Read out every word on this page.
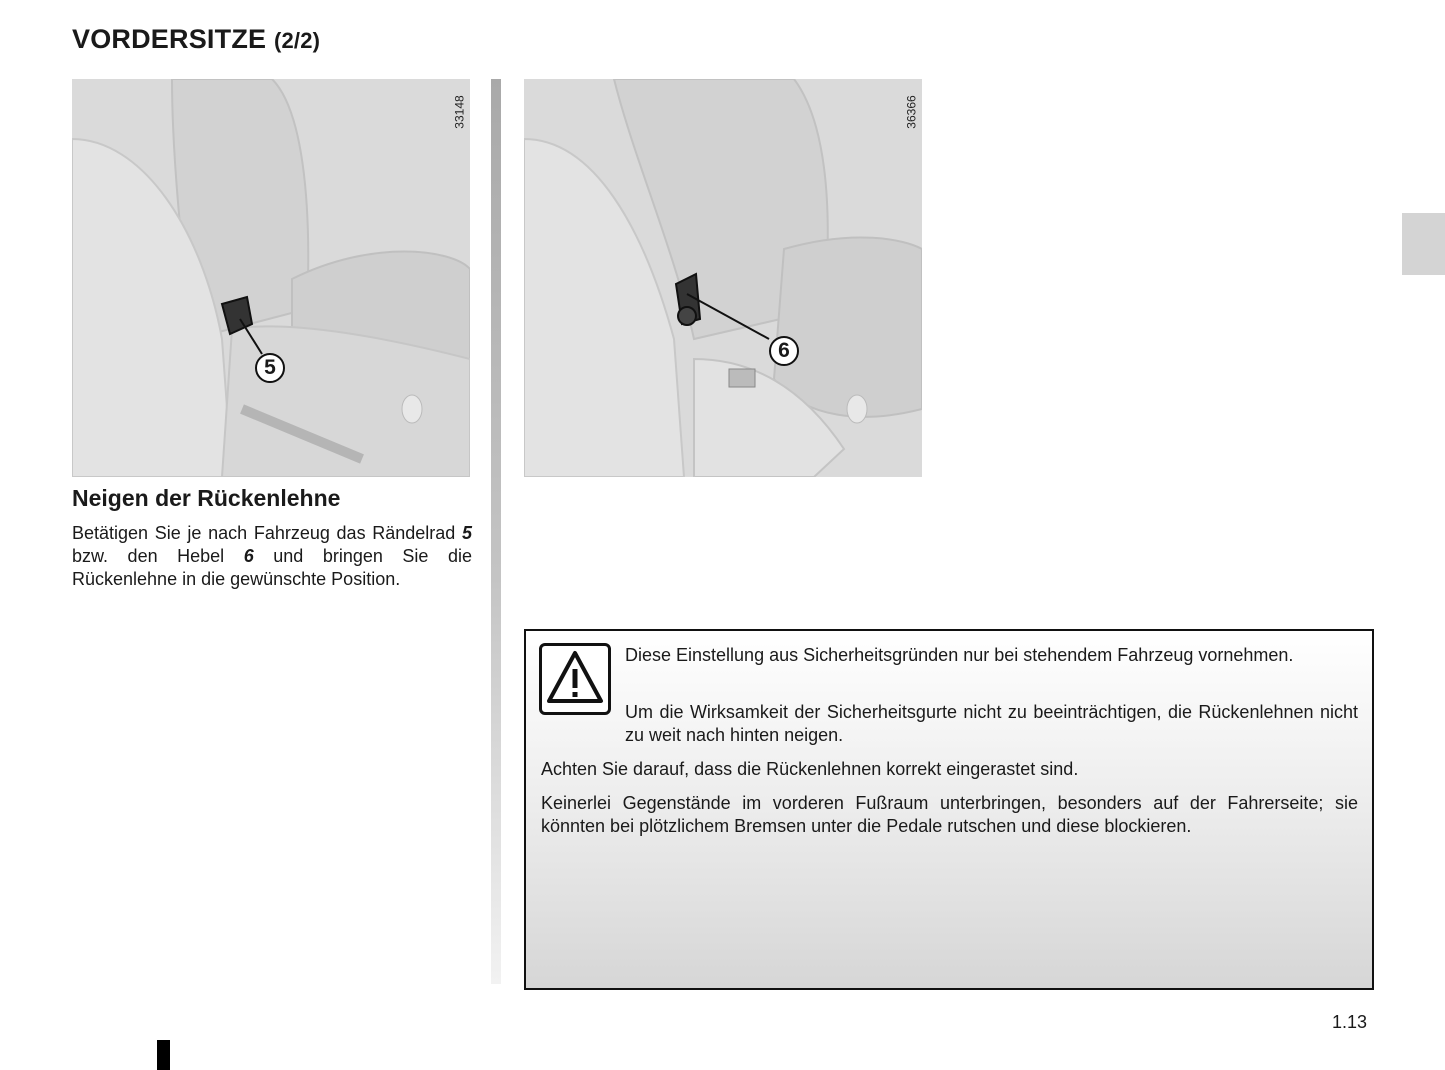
VORDERSITZE (2/2)
5
33148
6
36366
Neigen der Rückenlehne

Betätigen Sie je nach Fahrzeug das Rändelrad 5 bzw. den Hebel 6 und bringen Sie die Rückenlehne in die gewünschte Position.

Diese Einstellung aus Sicherheitsgründen nur bei stehendem Fahrzeug vornehmen.

Um die Wirksamkeit der Sicherheitsgurte nicht zu beeinträchtigen, die Rückenlehnen nicht zu weit nach hinten neigen.

Achten Sie darauf, dass die Rückenlehnen korrekt eingerastet sind.

Keinerlei Gegenstände im vorderen Fußraum unterbringen, besonders auf der Fahrerseite; sie könnten bei plötzlichem Bremsen unter die Pedale rutschen und diese blockieren.

1.13
